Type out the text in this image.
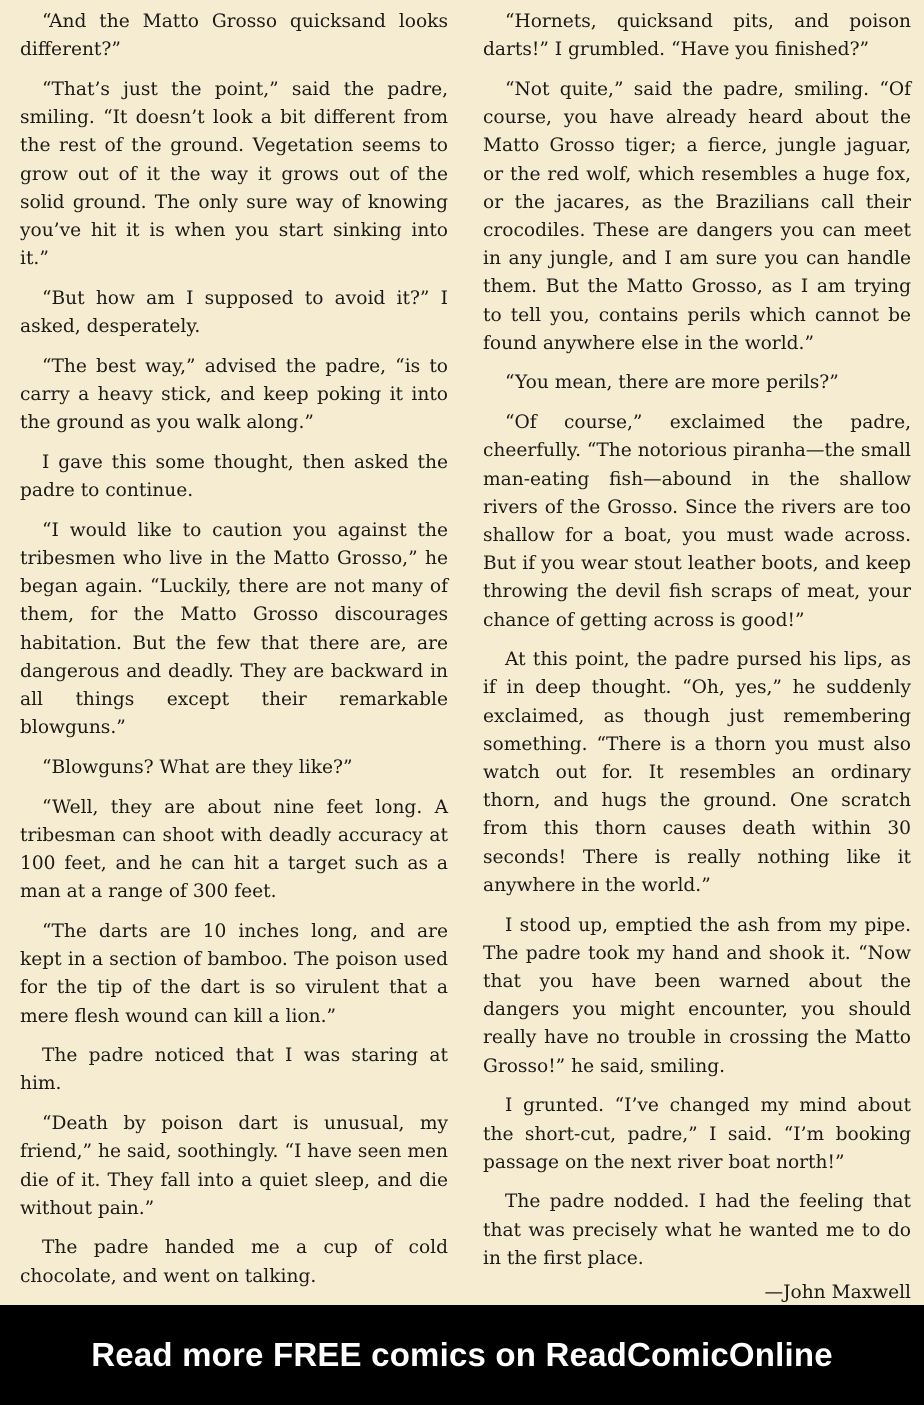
“And the Matto Grosso quicksand looks different?”

“That’s just the point,” said the padre, smiling. “It doesn’t look a bit different from the rest of the ground. Vegetation seems to grow out of it the way it grows out of the solid ground. The only sure way of knowing you’ve hit it is when you start sinking into it.”

“But how am I supposed to avoid it?” I asked, desperately.

“The best way,” advised the padre, “is to carry a heavy stick, and keep poking it into the ground as you walk along.”

I gave this some thought, then asked the padre to continue.

“I would like to caution you against the tribesmen who live in the Matto Grosso,” he began again. “Luckily, there are not many of them, for the Matto Grosso discourages habitation. But the few that there are, are dangerous and deadly. They are backward in all things except their remarkable blowguns.”

“Blowguns? What are they like?”

“Well, they are about nine feet long. A tribesman can shoot with deadly accuracy at 100 feet, and he can hit a target such as a man at a range of 300 feet.

“The darts are 10 inches long, and are kept in a section of bamboo. The poison used for the tip of the dart is so virulent that a mere flesh wound can kill a lion.”

The padre noticed that I was staring at him.

“Death by poison dart is unusual, my friend,” he said, soothingly. “I have seen men die of it. They fall into a quiet sleep, and die without pain.”

The padre handed me a cup of cold chocolate, and went on talking.

“Hornets, quicksand pits, and poison darts!” I grumbled. “Have you finished?”

“Not quite,” said the padre, smiling. “Of course, you have already heard about the Matto Grosso tiger; a fierce, jungle jaguar, or the red wolf, which resembles a huge fox, or the jacares, as the Brazilians call their crocodiles. These are dangers you can meet in any jungle, and I am sure you can handle them. But the Matto Grosso, as I am trying to tell you, contains perils which cannot be found anywhere else in the world.”

“You mean, there are more perils?”

“Of course,” exclaimed the padre, cheerfully. “The notorious piranha—the small man-eating fish—abound in the shallow rivers of the Grosso. Since the rivers are too shallow for a boat, you must wade across. But if you wear stout leather boots, and keep throwing the devil fish scraps of meat, your chance of getting across is good!”

At this point, the padre pursed his lips, as if in deep thought. “Oh, yes,” he suddenly exclaimed, as though just remembering something. “There is a thorn you must also watch out for. It resembles an ordinary thorn, and hugs the ground. One scratch from this thorn causes death within 30 seconds! There is really nothing like it anywhere in the world.”

I stood up, emptied the ash from my pipe. The padre took my hand and shook it. “Now that you have been warned about the dangers you might encounter, you should really have no trouble in crossing the Matto Grosso!” he said, smiling.

I grunted. “I’ve changed my mind about the short-cut, padre,” I said. “I’m booking passage on the next river boat north!”

The padre nodded. I had the feeling that that was precisely what he wanted me to do in the first place.

—John Maxwell

Read more FREE comics on ReadComicOnline
